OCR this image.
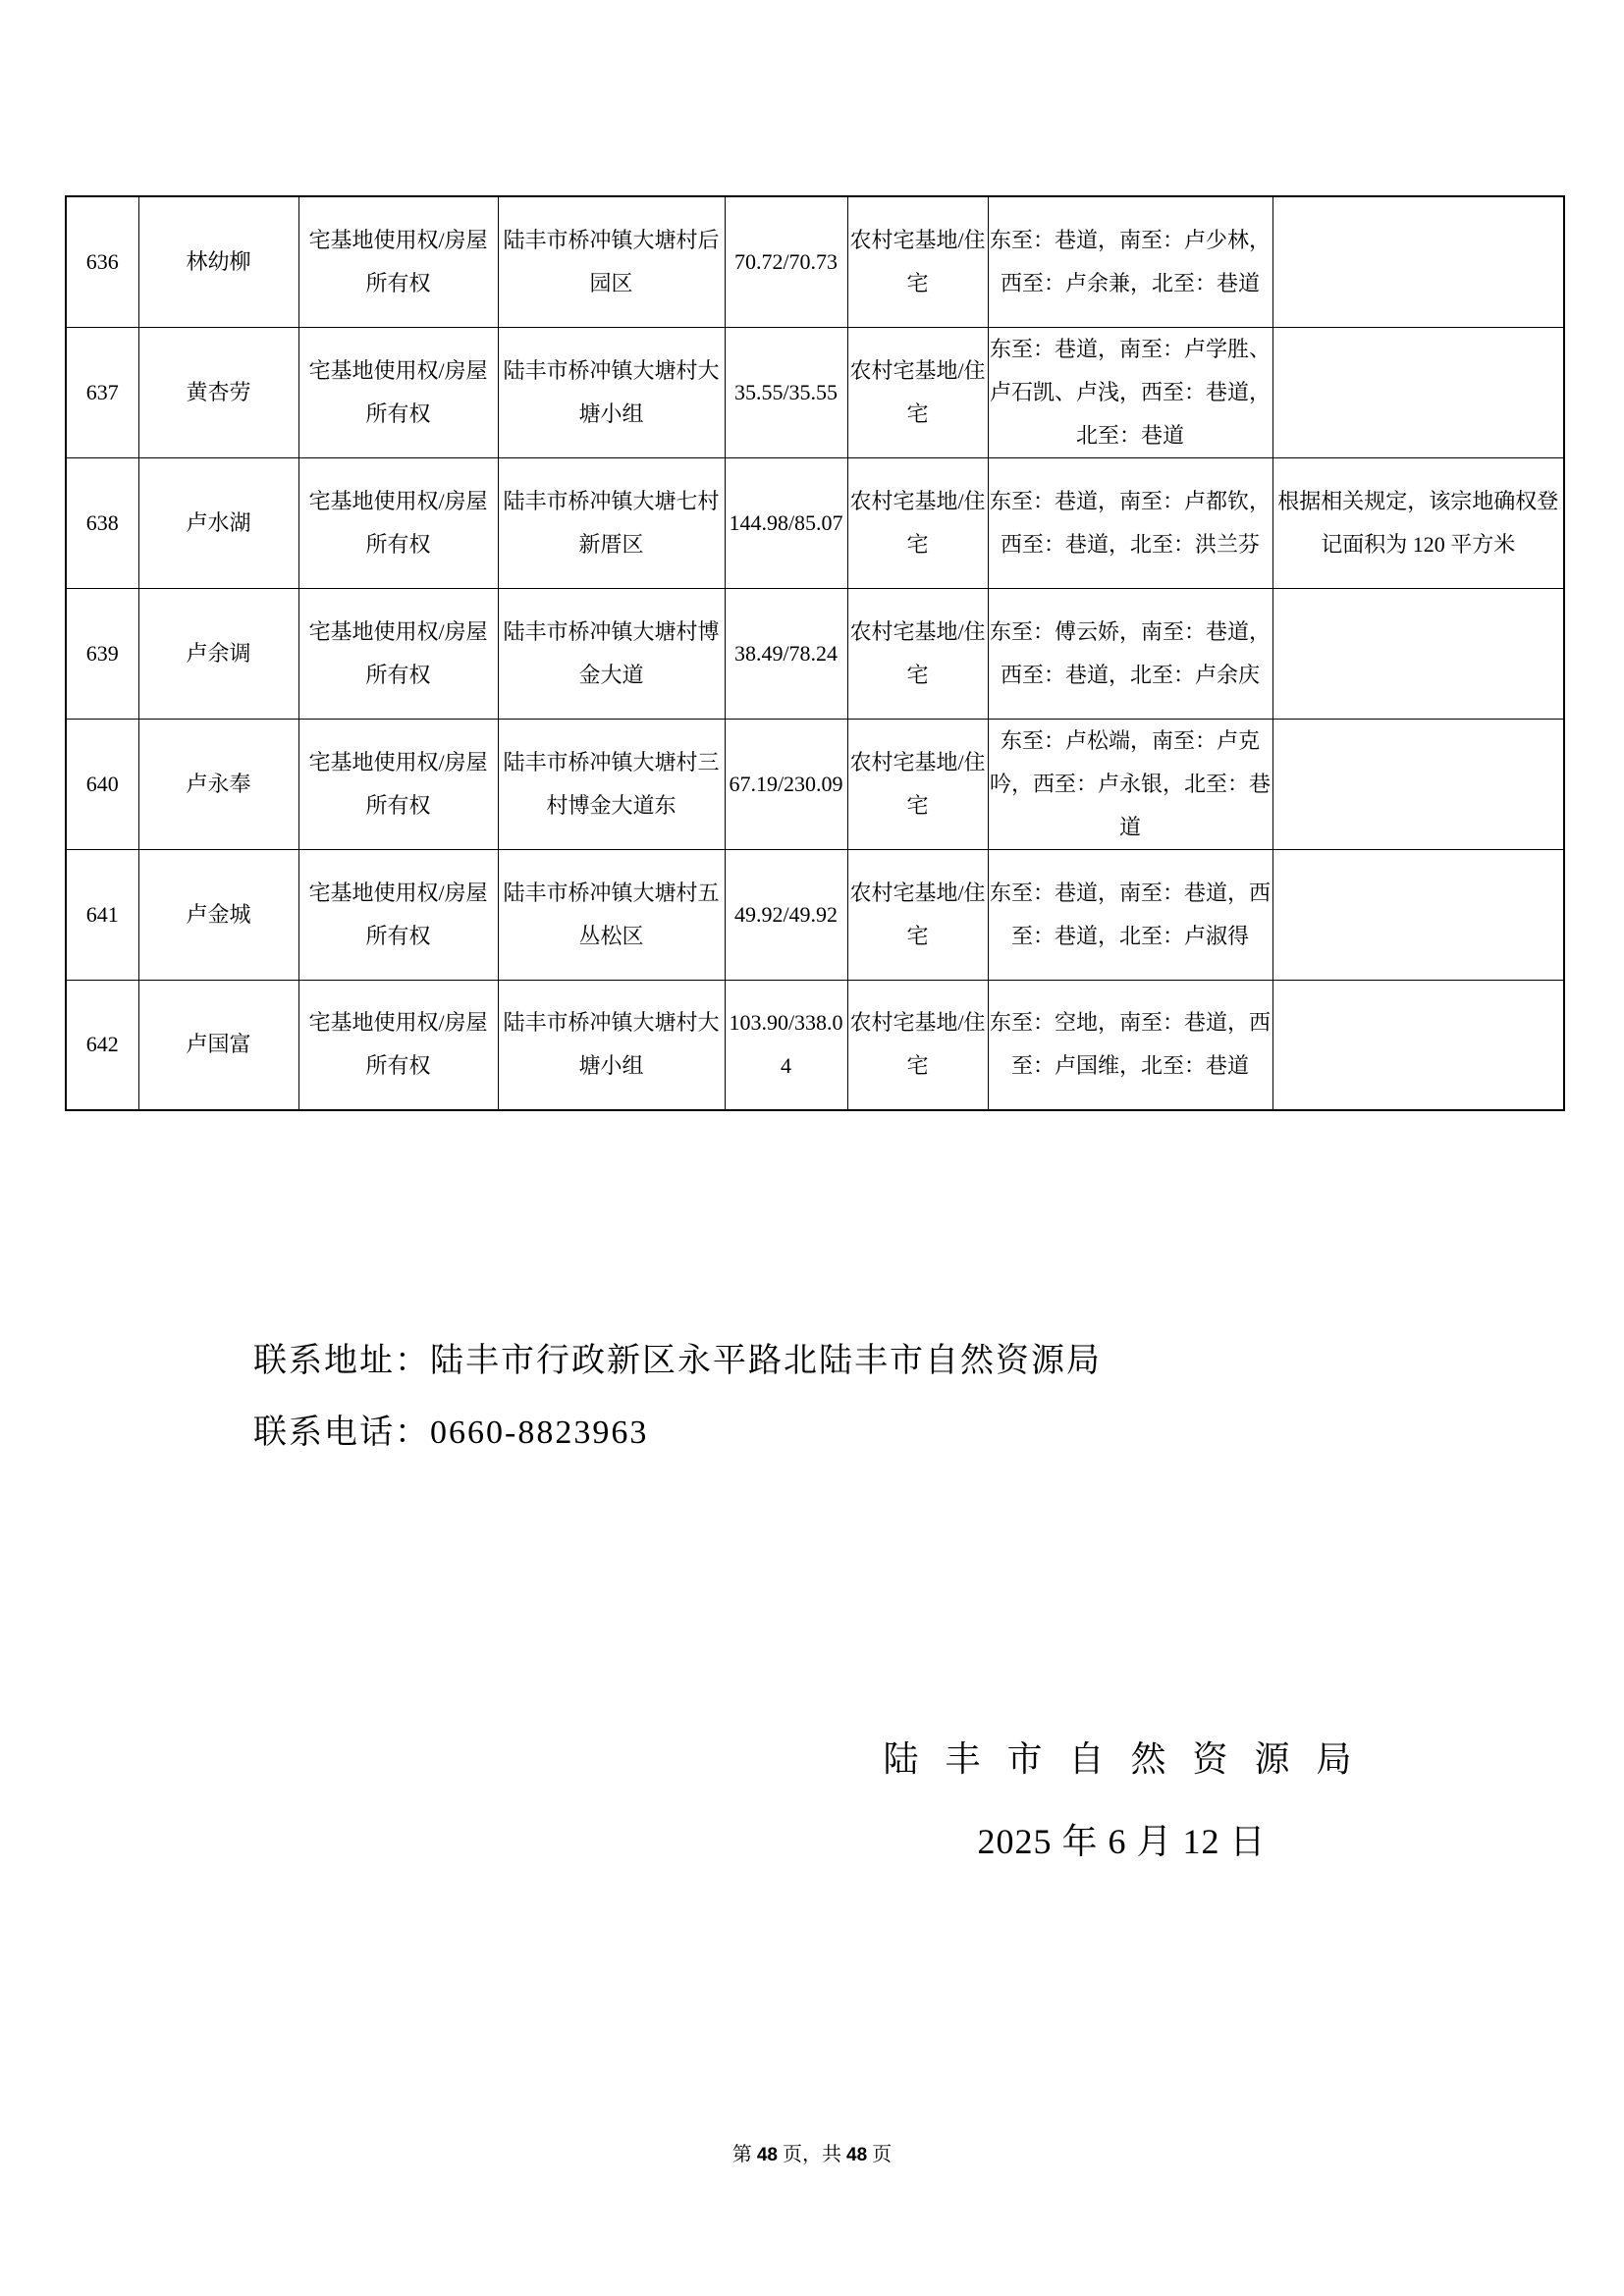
636	林幼柳	宅基地使用权/房屋所有权	陆丰市桥冲镇大塘村后园区	70.72/70.73	农村宅基地/住宅	东至：巷道，南至：卢少林，西至：卢余兼，北至：巷道	
637	黄杏劳	宅基地使用权/房屋所有权	陆丰市桥冲镇大塘村大塘小组	35.55/35.55	农村宅基地/住宅	东至：巷道，南至：卢学胜、卢石凯、卢浅，西至：巷道，北至：巷道	
638	卢水湖	宅基地使用权/房屋所有权	陆丰市桥冲镇大塘七村新厝区	144.98/85.07	农村宅基地/住宅	东至：巷道，南至：卢都钦，西至：巷道，北至：洪兰芬	根据相关规定，该宗地确权登记面积为 120 平方米
639	卢余调	宅基地使用权/房屋所有权	陆丰市桥冲镇大塘村博金大道	38.49/78.24	农村宅基地/住宅	东至：傅云娇，南至：巷道，西至：巷道，北至：卢余庆	
640	卢永奉	宅基地使用权/房屋所有权	陆丰市桥冲镇大塘村三村博金大道东	67.19/230.09	农村宅基地/住宅	东至：卢松端，南至：卢克吟，西至：卢永银，北至：巷道	
641	卢金城	宅基地使用权/房屋所有权	陆丰市桥冲镇大塘村五丛松区	49.92/49.92	农村宅基地/住宅	东至：巷道，南至：巷道，西至：巷道，北至：卢淑得	
642	卢国富	宅基地使用权/房屋所有权	陆丰市桥冲镇大塘村大塘小组	103.90/338.04	农村宅基地/住宅	东至：空地，南至：巷道，西至：卢国维，北至：巷道	
联系地址：陆丰市行政新区永平路北陆丰市自然资源局
联系电话：0660-8823963
陆 丰 市 自 然 资 源 局
2025 年 6 月 12 日
第 48 页，共 48 页
